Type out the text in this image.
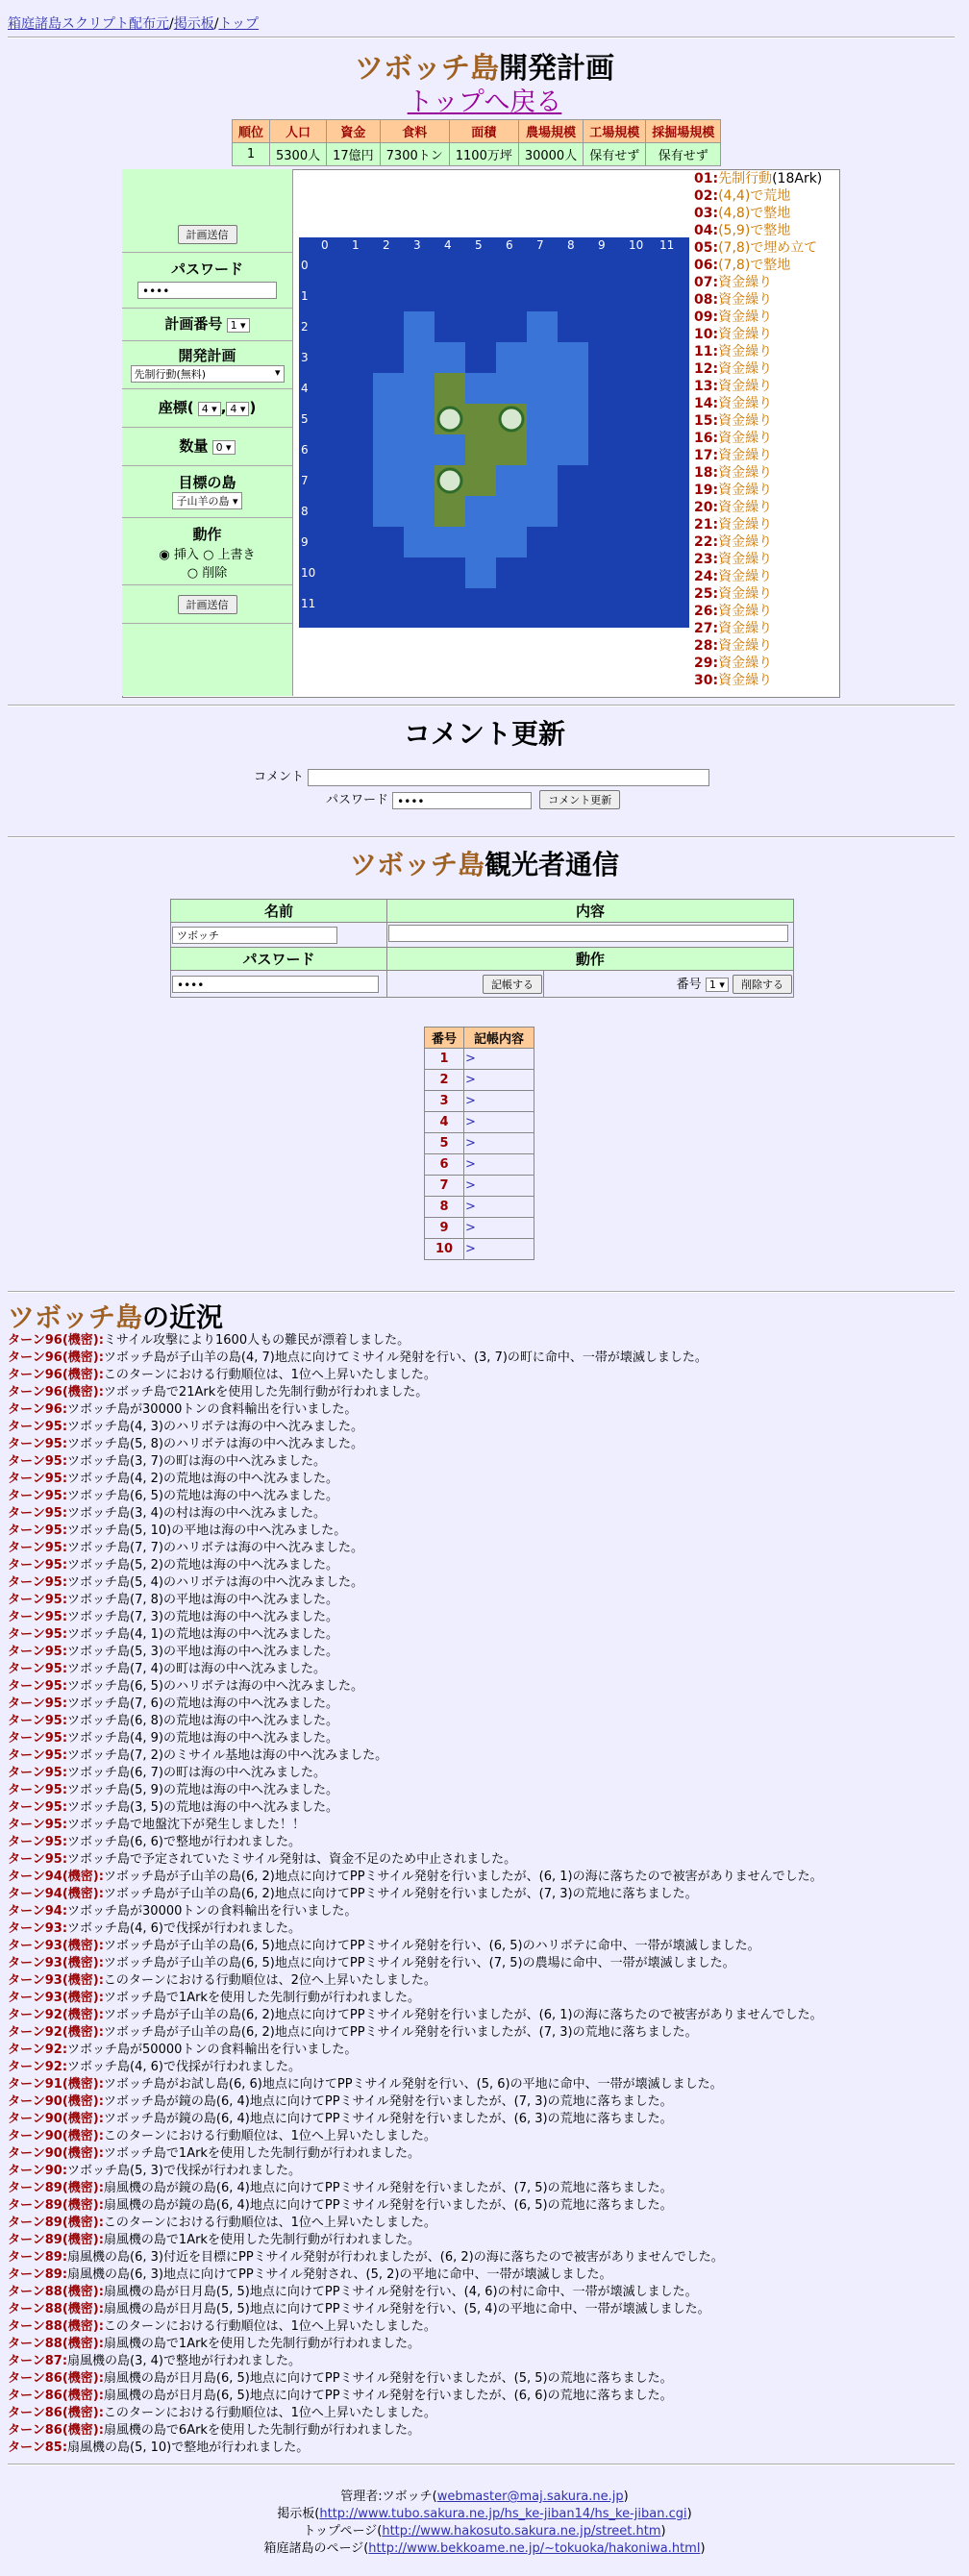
箱庭諸島スクリプト配布元/掲示板/トップ
ツボッチ島開発計画
トップへ戻る
順位	人口	資金	食料	面積	農場規模	工場規模	採掘場規模
1	5300人	17億円	7300トン	1100万坪	30000人	保有せず	保有せず
計画送信
パスワード
••••
計画番号 1 ▾
開発計画
先制行動(無料)	▾
座標( 4 ▾ , 4 ▾ )
数量 0 ▾
目標の島
子山羊の島 ▾
動作
◉ 挿入 ○ 上書き
○ 削除
計画送信
0 1 2 3 4 5 6 7 8 9 10 11
0
1
2
3
4
5
6
7
8
9
10
11
01:先制行動(18Ark)
02:(4,4)で荒地
03:(4,8)で整地
04:(5,9)で整地
05:(7,8)で埋め立て
06:(7,8)で整地
07:資金繰り
08:資金繰り
09:資金繰り
10:資金繰り
11:資金繰り
12:資金繰り
13:資金繰り
14:資金繰り
15:資金繰り
16:資金繰り
17:資金繰り
18:資金繰り
19:資金繰り
20:資金繰り
21:資金繰り
22:資金繰り
23:資金繰り
24:資金繰り
25:資金繰り
26:資金繰り
27:資金繰り
28:資金繰り
29:資金繰り
30:資金繰り
コメント更新
コメント
パスワード ••••	コメント更新
ツボッチ島観光者通信
名前	内容	
ツボッチ		
パスワード	動作	
••••	記帳する	番号 1 ▾ 削除する
番号	記帳内容
1	>
2	>
3	>
4	>
5	>
6	>
7	>
8	>
9	>
10	>
ツボッチ島の近況
ターン96(機密):ミサイル攻撃により1600人もの難民が漂着しました。
ターン96(機密):ツボッチ島が子山羊の島(4, 7)地点に向けてミサイル発射を行い、(3, 7)の町に命中、一帯が壊滅しました。
ターン96(機密):このターンにおける行動順位は、1位へ上昇いたしました。
ターン96(機密):ツボッチ島で21Arkを使用した先制行動が行われました。
ターン96:ツボッチ島が30000トンの食料輸出を行いました。
ターン95:ツボッチ島(4, 3)のハリボテは海の中へ沈みました。
ターン95:ツボッチ島(5, 8)のハリボテは海の中へ沈みました。
ターン95:ツボッチ島(3, 7)の町は海の中へ沈みました。
ターン95:ツボッチ島(4, 2)の荒地は海の中へ沈みました。
ターン95:ツボッチ島(6, 5)の荒地は海の中へ沈みました。
ターン95:ツボッチ島(3, 4)の村は海の中へ沈みました。
ターン95:ツボッチ島(5, 10)の平地は海の中へ沈みました。
ターン95:ツボッチ島(7, 7)のハリボテは海の中へ沈みました。
ターン95:ツボッチ島(5, 2)の荒地は海の中へ沈みました。
ターン95:ツボッチ島(5, 4)のハリボテは海の中へ沈みました。
ターン95:ツボッチ島(7, 8)の平地は海の中へ沈みました。
ターン95:ツボッチ島(7, 3)の荒地は海の中へ沈みました。
ターン95:ツボッチ島(4, 1)の荒地は海の中へ沈みました。
ターン95:ツボッチ島(5, 3)の平地は海の中へ沈みました。
ターン95:ツボッチ島(7, 4)の町は海の中へ沈みました。
ターン95:ツボッチ島(6, 5)のハリボテは海の中へ沈みました。
ターン95:ツボッチ島(7, 6)の荒地は海の中へ沈みました。
ターン95:ツボッチ島(6, 8)の荒地は海の中へ沈みました。
ターン95:ツボッチ島(4, 9)の荒地は海の中へ沈みました。
ターン95:ツボッチ島(7, 2)のミサイル基地は海の中へ沈みました。
ターン95:ツボッチ島(6, 7)の町は海の中へ沈みました。
ターン95:ツボッチ島(5, 9)の荒地は海の中へ沈みました。
ターン95:ツボッチ島(3, 5)の荒地は海の中へ沈みました。
ターン95:ツボッチ島で地盤沈下が発生しました！！
ターン95:ツボッチ島(6, 6)で整地が行われました。
ターン95:ツボッチ島で予定されていたミサイル発射は、資金不足のため中止されました。
ターン94(機密):ツボッチ島が子山羊の島(6, 2)地点に向けてPPミサイル発射を行いましたが、(6, 1)の海に落ちたので被害がありませんでした。
ターン94(機密):ツボッチ島が子山羊の島(6, 2)地点に向けてPPミサイル発射を行いましたが、(7, 3)の荒地に落ちました。
ターン94:ツボッチ島が30000トンの食料輸出を行いました。
ターン93:ツボッチ島(4, 6)で伐採が行われました。
ターン93(機密):ツボッチ島が子山羊の島(6, 5)地点に向けてPPミサイル発射を行い、(6, 5)のハリボテに命中、一帯が壊滅しました。
ターン93(機密):ツボッチ島が子山羊の島(6, 5)地点に向けてPPミサイル発射を行い、(7, 5)の農場に命中、一帯が壊滅しました。
ターン93(機密):このターンにおける行動順位は、2位へ上昇いたしました。
ターン93(機密):ツボッチ島で1Arkを使用した先制行動が行われました。
ターン92(機密):ツボッチ島が子山羊の島(6, 2)地点に向けてPPミサイル発射を行いましたが、(6, 1)の海に落ちたので被害がありませんでした。
ターン92(機密):ツボッチ島が子山羊の島(6, 2)地点に向けてPPミサイル発射を行いましたが、(7, 3)の荒地に落ちました。
ターン92:ツボッチ島が50000トンの食料輸出を行いました。
ターン92:ツボッチ島(4, 6)で伐採が行われました。
ターン91(機密):ツボッチ島がお試し島(6, 6)地点に向けてPPミサイル発射を行い、(5, 6)の平地に命中、一帯が壊滅しました。
ターン90(機密):ツボッチ島が鏡の島(6, 4)地点に向けてPPミサイル発射を行いましたが、(7, 3)の荒地に落ちました。
ターン90(機密):ツボッチ島が鏡の島(6, 4)地点に向けてPPミサイル発射を行いましたが、(6, 3)の荒地に落ちました。
ターン90(機密):このターンにおける行動順位は、1位へ上昇いたしました。
ターン90(機密):ツボッチ島で1Arkを使用した先制行動が行われました。
ターン90:ツボッチ島(5, 3)で伐採が行われました。
ターン89(機密):扇風機の島が鏡の島(6, 4)地点に向けてPPミサイル発射を行いましたが、(7, 5)の荒地に落ちました。
ターン89(機密):扇風機の島が鏡の島(6, 4)地点に向けてPPミサイル発射を行いましたが、(6, 5)の荒地に落ちました。
ターン89(機密):このターンにおける行動順位は、1位へ上昇いたしました。
ターン89(機密):扇風機の島で1Arkを使用した先制行動が行われました。
ターン89:扇風機の島(6, 3)付近を目標にPPミサイル発射が行われましたが、(6, 2)の海に落ちたので被害がありませんでした。
ターン89:扇風機の島(6, 3)地点に向けてPPミサイル発射され、(5, 2)の平地に命中、一帯が壊滅しました。
ターン88(機密):扇風機の島が日月島(5, 5)地点に向けてPPミサイル発射を行い、(4, 6)の村に命中、一帯が壊滅しました。
ターン88(機密):扇風機の島が日月島(5, 5)地点に向けてPPミサイル発射を行い、(5, 4)の平地に命中、一帯が壊滅しました。
ターン88(機密):このターンにおける行動順位は、1位へ上昇いたしました。
ターン88(機密):扇風機の島で1Arkを使用した先制行動が行われました。
ターン87:扇風機の島(3, 4)で整地が行われました。
ターン86(機密):扇風機の島が日月島(6, 5)地点に向けてPPミサイル発射を行いましたが、(5, 5)の荒地に落ちました。
ターン86(機密):扇風機の島が日月島(6, 5)地点に向けてPPミサイル発射を行いましたが、(6, 6)の荒地に落ちました。
ターン86(機密):このターンにおける行動順位は、1位へ上昇いたしました。
ターン86(機密):扇風機の島で6Arkを使用した先制行動が行われました。
ターン85:扇風機の島(5, 10)で整地が行われました。
管理者:ツボッチ(webmaster@maj.sakura.ne.jp)
掲示板(http://www.tubo.sakura.ne.jp/hs_ke-jiban14/hs_ke-jiban.cgi)
トップページ(http://www.hakosuto.sakura.ne.jp/street.htm)
箱庭諸島のページ(http://www.bekkoame.ne.jp/~tokuoka/hakoniwa.html)
